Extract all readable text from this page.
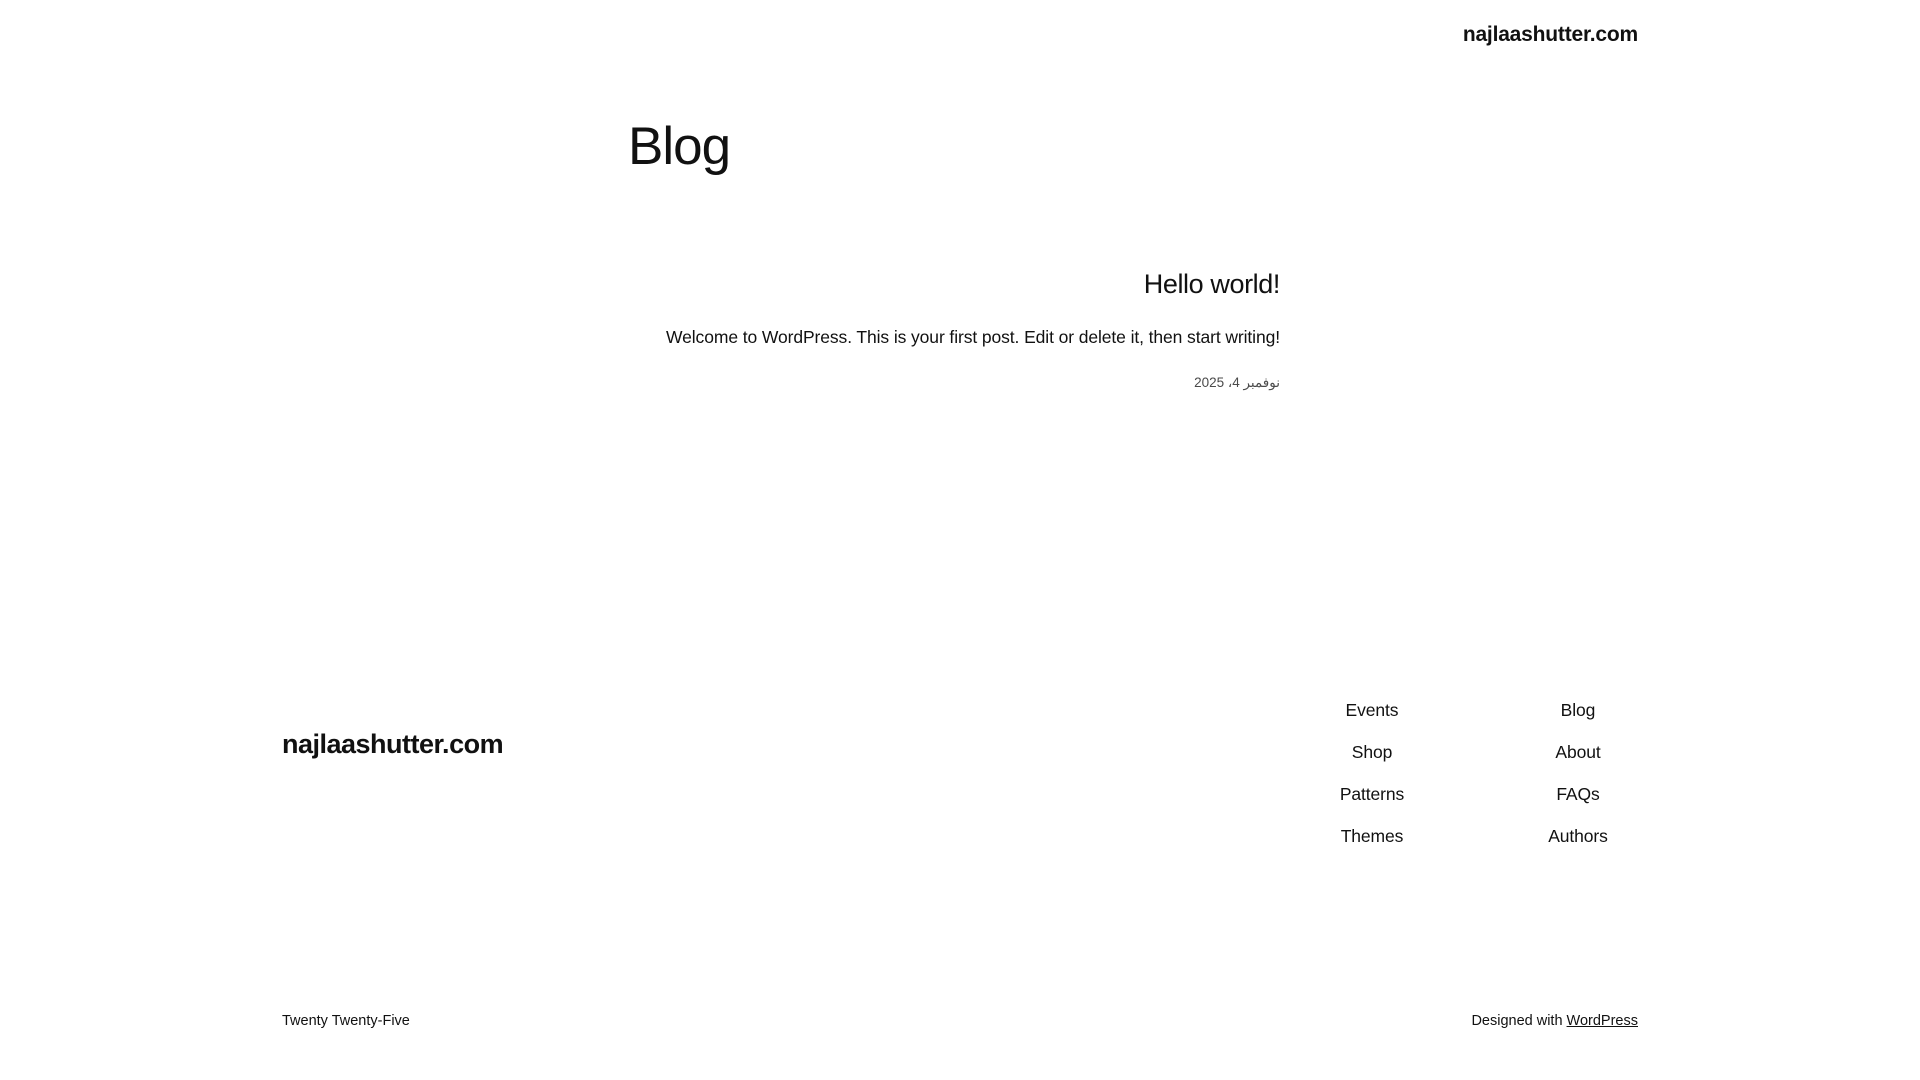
najlaashutter.com
Blog
!Hello world

!Welcome to WordPress. This is your first post. Edit or delete it, then start writing

نوفمبر 4، 2025

Blog
About
FAQs
Authors
Events
Shop
Patterns
Themes
najlaashutter.com
Designed with WordPress
Twenty Twenty-Five
